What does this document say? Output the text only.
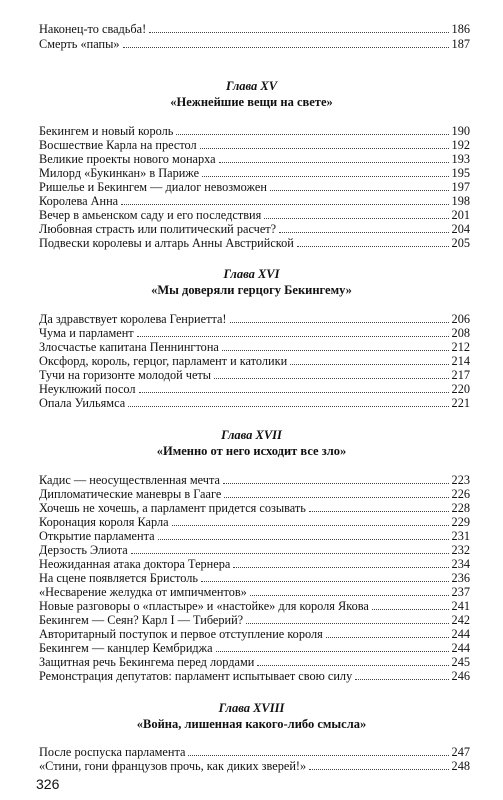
Наконец-то свадьба!	186
Смерть «папы»	187
Глава XV
«Нежнейшие вещи на свете»
Бекингем и новый король	190
Восшествие Карла на престол	192
Великие проекты нового монарха	193
Милорд «Букинкан» в Париже	195
Ришелье и Бекингем — диалог невозможен	197
Королева Анна	198
Вечер в амьенском саду и его последствия	201
Любовная страсть или политический расчет?	204
Подвески королевы и алтарь Анны Австрийской	205
Глава XVI
«Мы доверяли герцогу Бекингему»
Да здравствует королева Генриетта!	206
Чума и парламент	208
Злосчастье капитана Пеннингтона	212
Оксфорд, король, герцог, парламент и католики	214
Тучи на горизонте молодой четы	217
Неуклюжий посол	220
Опала Уильямса	221
Глава XVII
«Именно от него исходит все зло»
Кадис — неосуществленная мечта	223
Дипломатические маневры в Гааге	226
Хочешь не хочешь, а парламент придется созывать	228
Коронация короля Карла	229
Открытие парламента	231
Дерзость Элиота	232
Неожиданная атака доктора Тернера	234
На сцене появляется Бристоль	236
«Несварение желудка от импичментов»	237
Новые разговоры о «пластыре» и «настойке» для короля Якова	241
Бекингем — Сеян? Карл I — Тиберий?	242
Авторитарный поступок и первое отступление короля	244
Бекингем — канцлер Кембриджа	244
Защитная речь Бекингема перед лордами	245
Ремонстрация депутатов: парламент испытывает свою силу	246
Глава XVIII
«Война, лишенная какого-либо смысла»
После роспуска парламента	247
«Стини, гони французов прочь, как диких зверей!»	248
326
